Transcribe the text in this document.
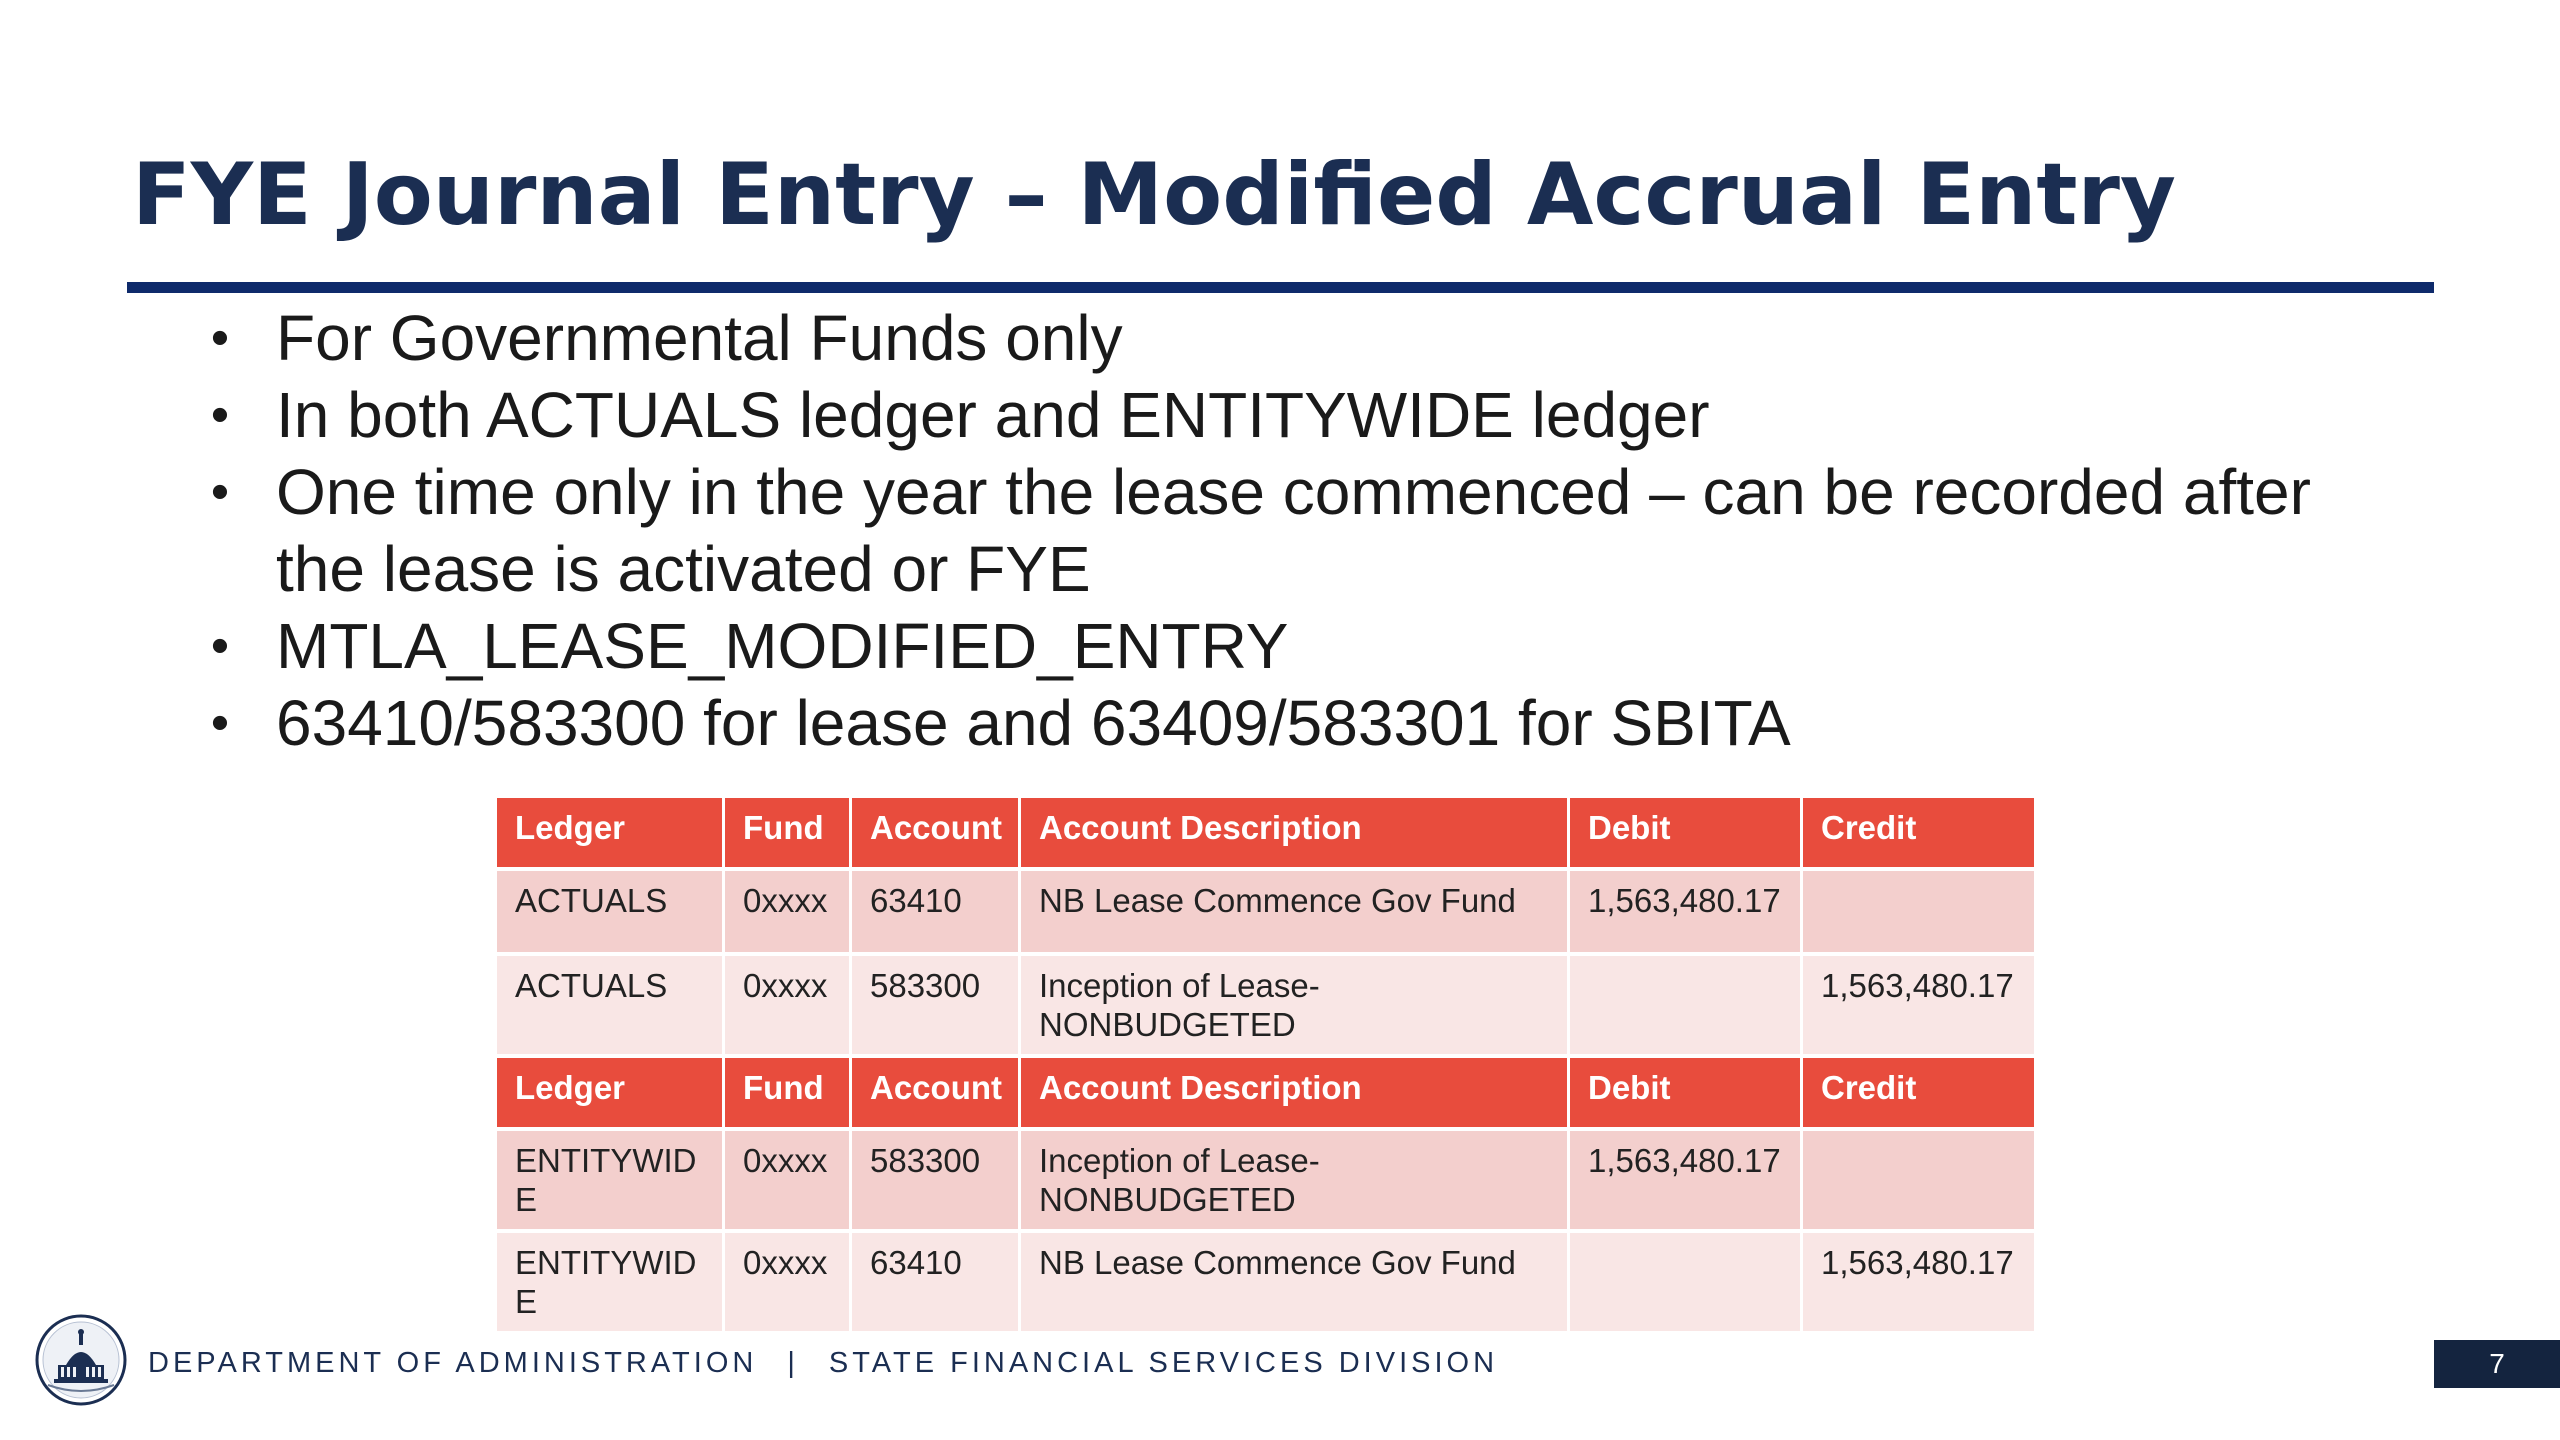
FYE Journal Entry – Modified Accrual Entry
• For Governmental Funds only
• In both ACTUALS ledger and ENTITYWIDE ledger
• One time only in the year the lease commenced – can be recorded after the lease is activated or FYE
• MTLA_LEASE_MODIFIED_ENTRY
• 63410/583300 for lease and 63409/583301 for SBITA
Ledger	Fund	Account	Account Description	Debit	Credit
ACTUALS	0xxxx	63410	NB Lease Commence Gov Fund	1,563,480.17	
ACTUALS	0xxxx	583300	Inception of Lease-NONBUDGETED		1,563,480.17
Ledger	Fund	Account	Account Description	Debit	Credit
ENTITYWIDE	0xxxx	583300	Inception of Lease-NONBUDGETED	1,563,480.17	
ENTITYWIDE	0xxxx	63410	NB Lease Commence Gov Fund		1,563,480.17
DEPARTMENT OF ADMINISTRATION | STATE FINANCIAL SERVICES DIVISION	7
